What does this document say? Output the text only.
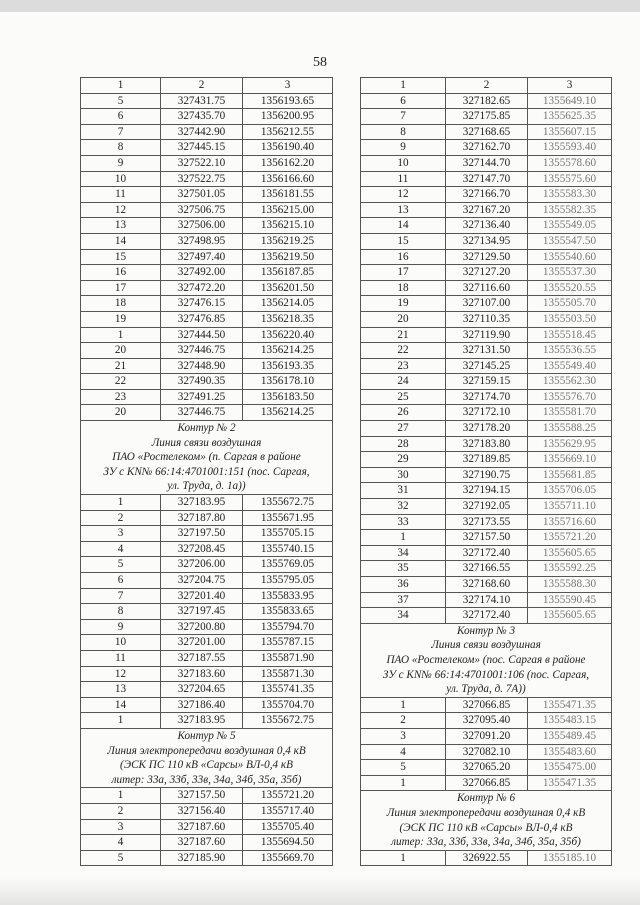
58
1	2	3
5	327431.75	1356193.65
6	327435.70	1356200.95
7	327442.90	1356212.55
8	327445.15	1356190.40
9	327522.10	1356162.20
10	327522.75	1356166.60
11	327501.05	1356181.55
12	327506.75	1356215.00
13	327506.00	1356215.10
14	327498.95	1356219.25
15	327497.40	1356219.50
16	327492.00	1356187.85
17	327472.20	1356201.50
18	327476.15	1356214.05
19	327476.85	1356218.35
1	327444.50	1356220.40
20	327446.75	1356214.25
21	327448.90	1356193.35
22	327490.35	1356178.10
23	327491.25	1356183.50
20	327446.75	1356214.25

Контур № 2
Линия связи воздушная
ПАО «Ростелеком» (п. Саргая в районе
ЗУ с КN№ 66:14:4701001:151 (пос. Саргая,
ул. Труда, д. 1а))		

1	327183.95	1355672.75
2	327187.80	1355671.95
3	327197.50	1355705.15
4	327208.45	1355740.15
5	327206.00	1355769.05
6	327204.75	1355795.05
7	327201.40	1355833.95
8	327197.45	1355833.65
9	327200.80	1355794.70
10	327201.00	1355787.15
11	327187.55	1355871.90
12	327183.60	1355871.30
13	327204.65	1355741.35
14	327186.40	1355704.70
1	327183.95	1355672.75

Контур № 5
Линия электропередачи воздушная 0,4 кВ
(ЭСК ПС 110 кВ «Сарсы» ВЛ-0,4 кВ
литер: 33а, 33б, 33в, 34а, 34б, 35а, 35б)		

1	327157.50	1355721.20
2	327156.40	1355717.40
3	327187.60	1355705.40
4	327187.60	1355694.50
5	327185.90	1355669.70
1	2	3
6	327182.65	1355649.10
7	327175.85	1355625.35
8	327168.65	1355607.15
9	327162.70	1355593.40
10	327144.70	1355578.60
11	327147.70	1355575.60
12	327166.70	1355583.30
13	327167.20	1355582.35
14	327136.40	1355549.05
15	327134.95	1355547.50
16	327129.50	1355540.60
17	327127.20	1355537.30
18	327116.60	1355520.55
19	327107.00	1355505.70
20	327110.35	1355503.50
21	327119.90	1355518.45
22	327131.50	1355536.55
23	327145.25	1355549.40
24	327159.15	1355562.30
25	327174.70	1355576.70
26	327172.10	1355581.70
27	327178.20	1355588.25
28	327183.80	1355629.95
29	327189.85	1355669.10
30	327190.75	1355681.85
31	327194.15	1355706.05
32	327192.05	1355711.10
33	327173.55	1355716.60
1	327157.50	1355721.20
34	327172.40	1355605.65
35	327166.55	1355592.25
36	327168.60	1355588.30
37	327174.10	1355590.45
34	327172.40	1355605.65

Контур № 3
Линия связи воздушная
ПАО «Ростелеком» (пос. Саргая в районе
ЗУ с КN№ 66:14:4701001:106 (пос. Саргая,
ул. Труда, д. 7А))		

1	327066.85	1355471.35
2	327095.40	1355483.15
3	327091.20	1355489.45
4	327082.10	1355483.60
5	327065.20	1355475.00
1	327066.85	1355471.35

Контур № 6
Линия электропередачи воздушная 0,4 кВ
(ЭСК ПС 110 кВ «Сарсы» ВЛ-0,4 кВ
литер: 33а, 33б, 33в, 34а, 34б, 35а, 35б)		

1	326922.55	1355185.10
